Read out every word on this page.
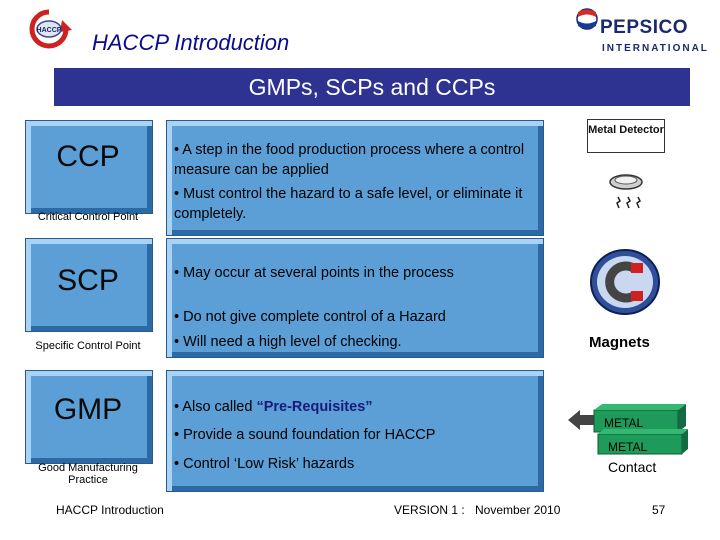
HACCP HACCP Introduction
PEPSICO
INTERNATIONAL
GMPs, SCPs and CCPs
CCP
Critical Control Point
SCP
Specific Control Point
GMP
Good Manufacturing Practice
• A step in the food production process where a control measure can be applied
• Must control the hazard to a safe level, or eliminate it completely.
• May occur at several points in the process
• Do not give complete control of a Hazard
• Will need a high level of checking.
• Also called “Pre-Requisites”
• Provide a sound foundation for HACCP
• Control ‘Low Risk’ hazards
Metal Detector
Magnets
METAL
METAL
Contact
HACCP Introduction	VERSION 1 : November 2010	57
